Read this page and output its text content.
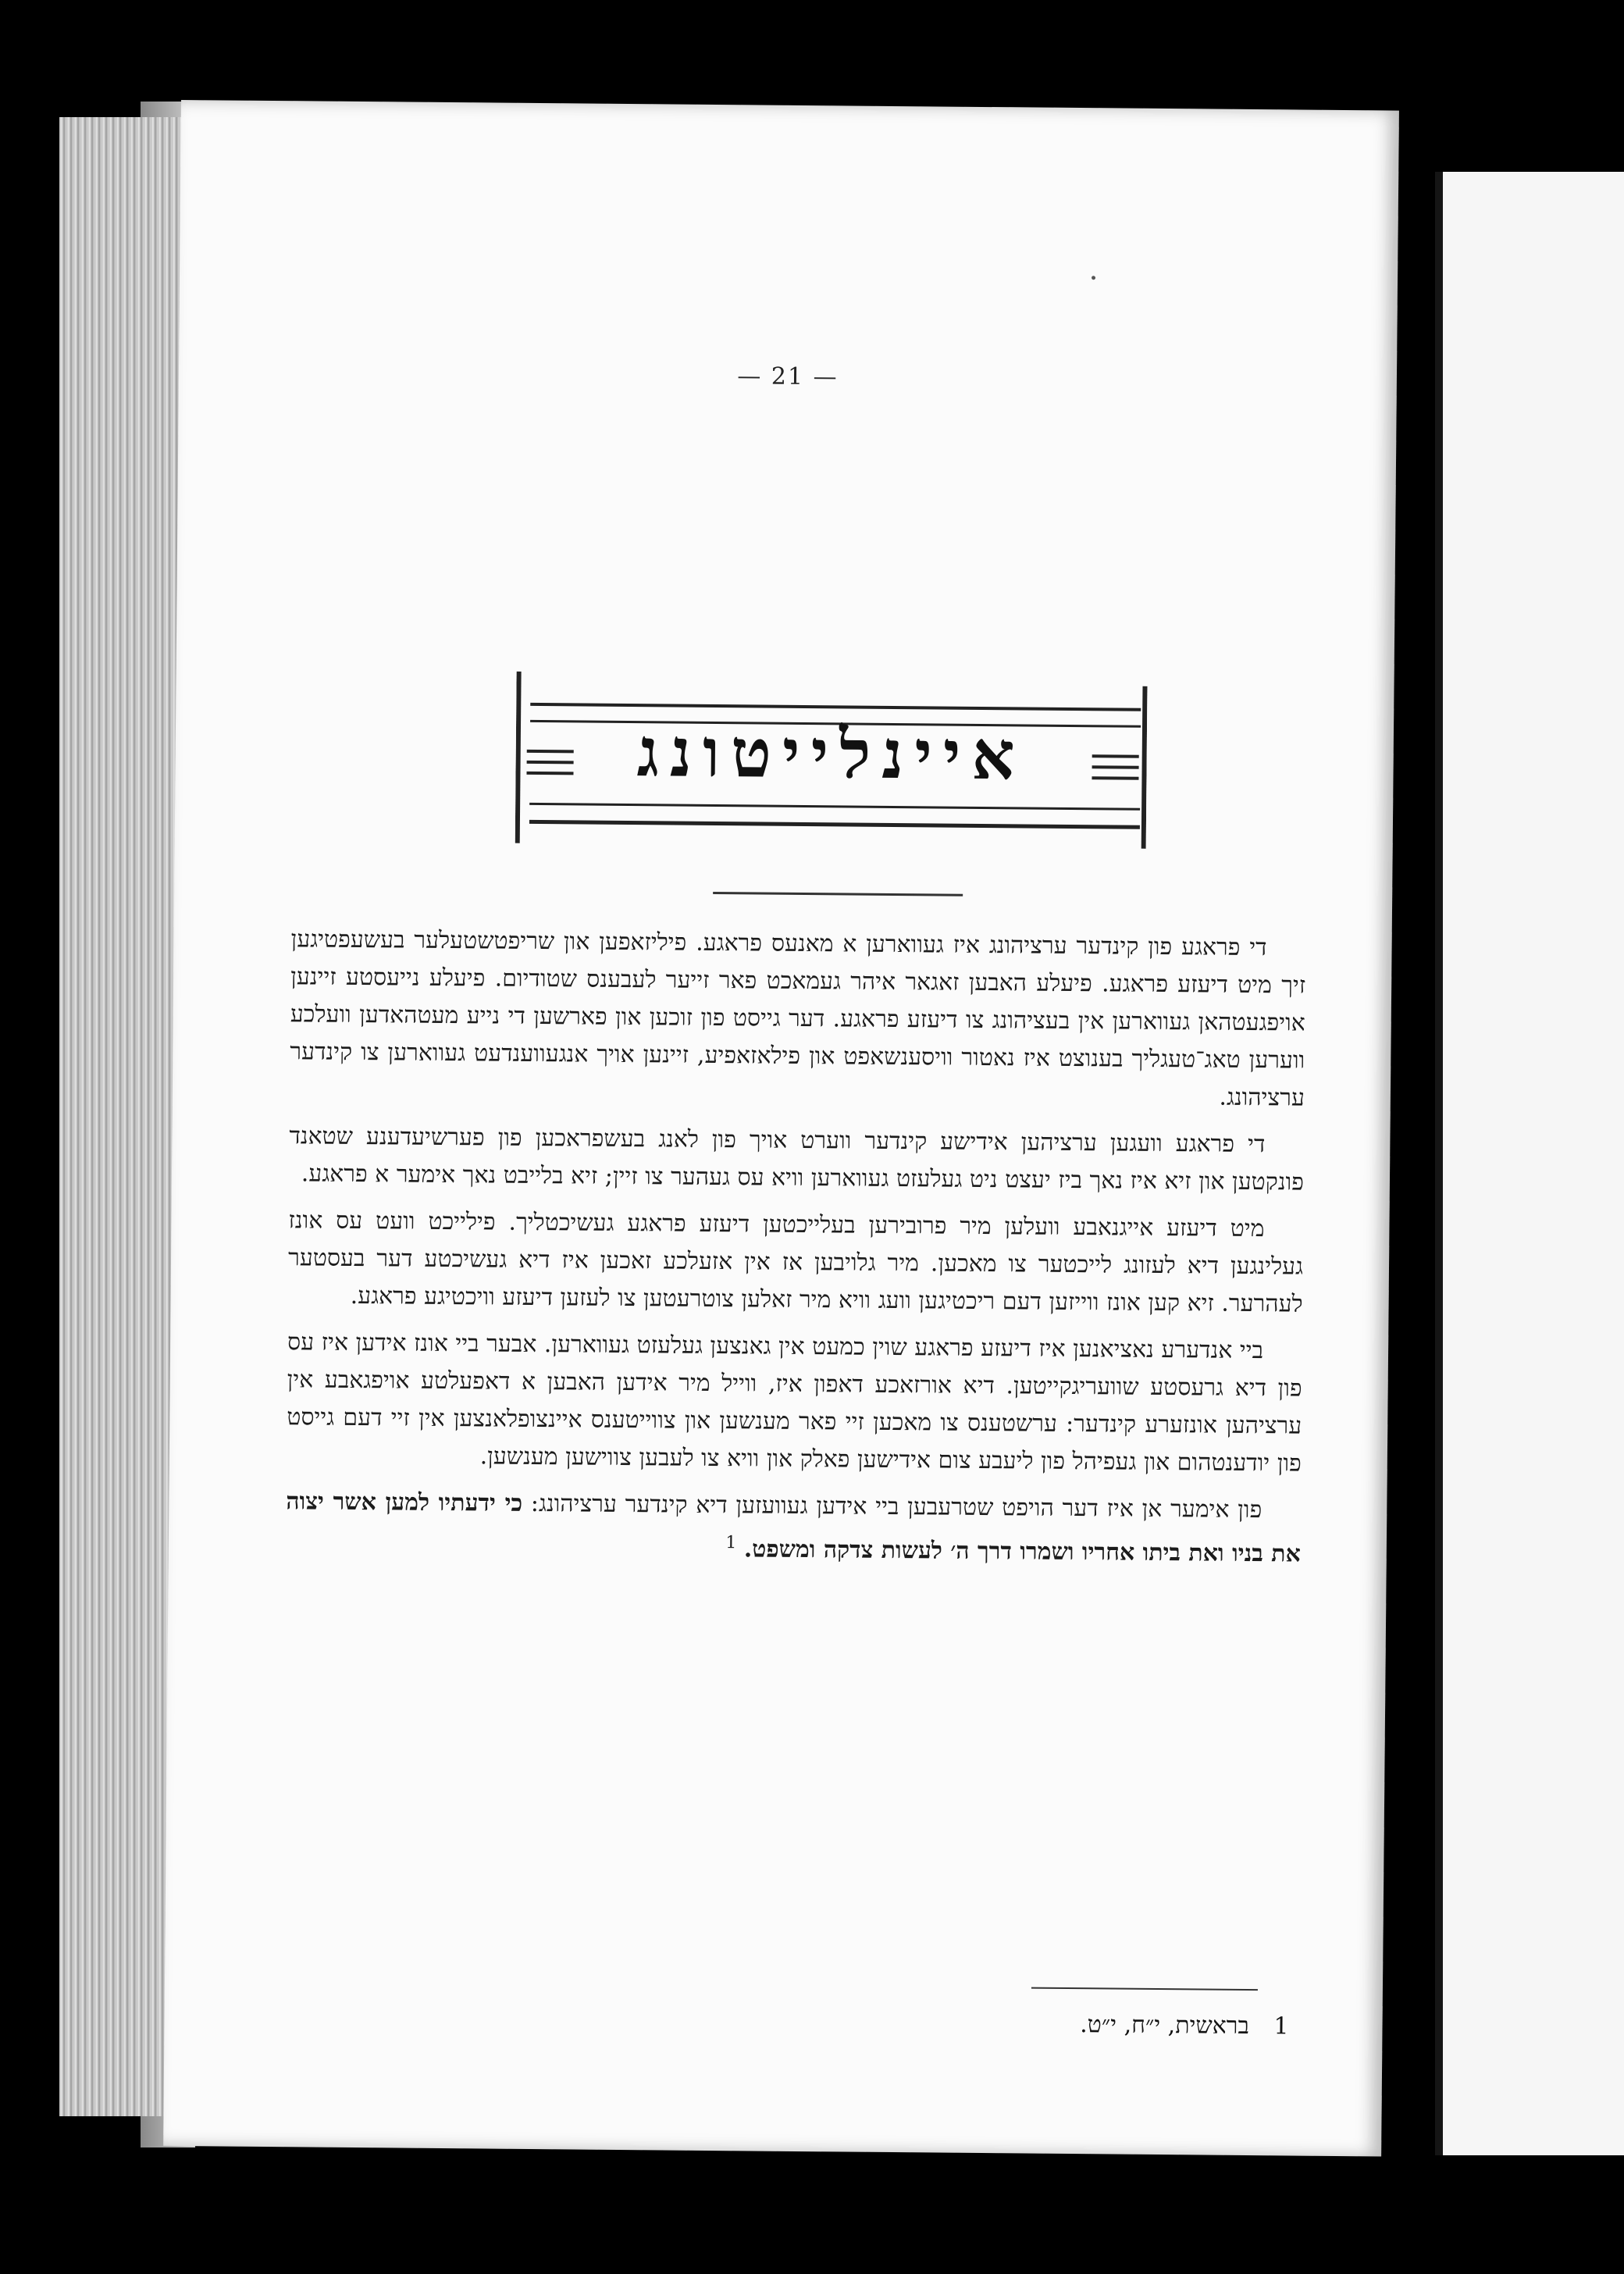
— 21 —
איינלייטונג

די פראגע פון קינדער ערציהונג איז געווארען א מאנעס פראגע. פיליזאפען און שריפטשטעלער בעשעפטיגען זיך מיט דיעזע פראגע. פיעלע האבען זאגאר איהר געמאכט פאר זייער לעבענס שטודיום. פיעלע נייעסטע זיינען אויפגעטהאן געווארען אין בעציהונג צו דיעזע פראגע. דער גייסט פון זוכען און פארשען די נייע מעטהאדען וועלכע ווערען טאג־טעגליך בענוצט איז נאטור וויסענשאפט און פילאזאפיע, זיינען אויך אנגעווענדעט געווארען צו קינדער ערציהונג.

די פראגע וועגען ערציהען אידישע קינדער ווערט אויך פון לאנג בעשפראכען פון פערשיעדענע שטאנד פונקטען און זיא איז נאך ביז יעצט ניט געלעזט געווארען וויא עס געהער צו זיין; זיא בלייבט נאך אימער א פראגע.

מיט דיעזע אייגנאבע וועלען מיר פרובירען בעלייכטען דיעזע פראגע געשיכטליך. פילייכט וועט עס אונז געלינגען דיא לעזונג לייכטער צו מאכען. מיר גלויבען אז אין אזעלכע זאכען איז דיא געשיכטע דער בעסטער לעהרער. זיא קען אונז ווייזען דעם ריכטיגען וועג וויא מיר זאלען צוטרעטען צו לעזען דיעזע וויכטיגע פראגע.

ביי אנדערע נאציאנען איז דיעזע פראגע שוין כמעט אין גאנצען געלעזט געווארען. אבער ביי אונז אידען איז עס פון דיא גרעסטע שוועריגקייטען. דיא אורזאכע דאפון איז, ווייל מיר אידען האבען א דאפעלטע אויפגאבע אין ערציהען אונזערע קינדער: ערשטענס צו מאכען זיי פאר מענשען און צווייטענס איינצופלאנצען אין זיי דעם גייסט פון יודענטהום און געפיהל פון ליעבע צום אידישען פאלק און וויא צו לעבען צווישען מענשען.

פון אימער אן איז דער הויפט שטרעבען ביי אידען געוועזען דיא קינדער ערציהונג: כי ידעתיו למען אשר יצוה את בניו ואת ביתו אחריו ושמרו דרך ה׳ לעשות צדקה ומשפט. $^1$

1 בראשית, י״ח, י״ט.
